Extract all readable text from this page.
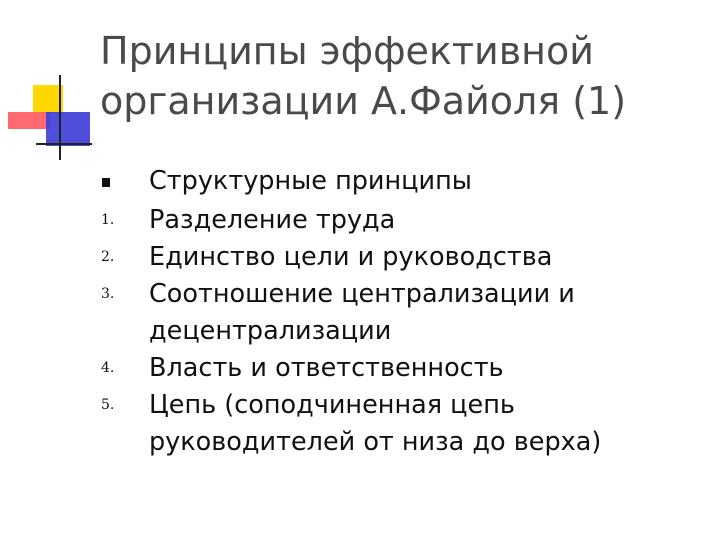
Принципы эффективной
организации А.Файоля (1)
Структурные принципы
1.	Разделение труда
2.	Единство цели и руководства
3.	Соотношение централизации и
децентрализации
4.	Власть и ответственность
5.	Цепь (соподчиненная цепь
руководителей от низа до верха)
